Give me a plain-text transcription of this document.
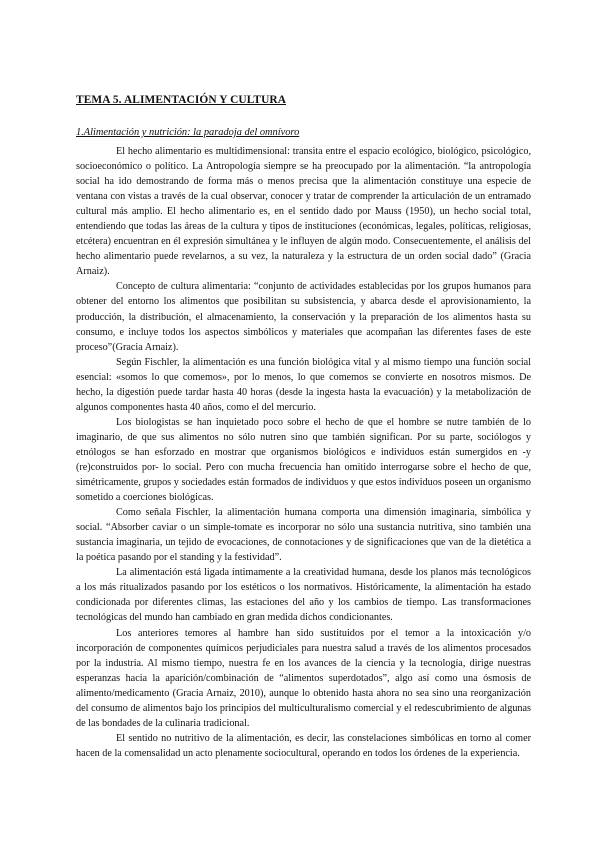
TEMA 5. ALIMENTACIÓN Y CULTURA
1.Alimentación y nutrición: la paradoja del omnívoro

El hecho alimentario es multidimensional: transita entre el espacio ecológico, biológico, psicológico, socioeconómico o político. La Antropología siempre se ha preocupado por la alimentación. “la antropología social ha ido demostrando de forma más o menos precisa que la alimentación constituye una especie de ventana con vistas a través de la cual observar, conocer y tratar de comprender la articulación de un entramado cultural más amplio. El hecho alimentario es, en el sentido dado por Mauss (1950), un hecho social total, entendiendo que todas las áreas de la cultura y tipos de instituciones (económicas, legales, políticas, religiosas, etcétera) encuentran en él expresión simultánea y le influyen de algún modo. Consecuentemente, el análisis del hecho alimentario puede revelarnos, a su vez, la naturaleza y la estructura de un orden social dado” (Gracia Arnaiz).

Concepto de cultura alimentaria: “conjunto de actividades establecidas por los grupos humanos para obtener del entorno los alimentos que posibilitan su subsistencia, y abarca desde el aprovisionamiento, la producción, la distribución, el almacenamiento, la conservación y la preparación de los alimentos hasta su consumo, e incluye todos los aspectos simbólicos y materiales que acompañan las diferentes fases de este proceso”(Gracia Arnaiz).

Según Fischler, la alimentación es una función biológica vital y al mismo tiempo una función social esencial: «somos lo que comemos», por lo menos, lo que comemos se convierte en nosotros mismos. De hecho, la digestión puede tardar hasta 40 horas (desde la ingesta hasta la evacuación) y la metabolización de algunos componentes hasta 40 años, como el del mercurio.

Los biologistas se han inquietado poco sobre el hecho de que el hombre se nutre también de lo imaginario, de que sus alimentos no sólo nutren sino que también significan. Por su parte, sociólogos y etnólogos se han esforzado en mostrar que organismos biológicos e individuos están sumergidos en -y (re)construidos por- lo social. Pero con mucha frecuencia han omitido interrogarse sobre el hecho de que, simétricamente, grupos y sociedades están formados de individuos y que estos individuos poseen un organismo sometido a coerciones biológicas.

Como señala Fischler, la alimentación humana comporta una dimensión imaginaria, simbólica y social. “Absorber caviar o un simple-tomate es incorporar no sólo una sustancia nutritiva, sino también una sustancia imaginaria, un tejido de evocaciones, de connotaciones y de significaciones que van de la dietética a la poética pasando por el standing y la festividad”.

La alimentación está ligada íntimamente a la creatividad humana, desde los planos más tecnológicos a los más ritualizados pasando por los estéticos o los normativos. Históricamente, la alimentación ha estado condicionada por diferentes climas, las estaciones del año y los cambios de tiempo. Las transformaciones tecnológicas del mundo han cambiado en gran medida dichos condicionantes.

Los anteriores temores al hambre han sido sustituidos por el temor a la intoxicación y/o incorporación de componentes químicos perjudiciales para nuestra salud a través de los alimentos procesados por la industria. Al mismo tiempo, nuestra fe en los avances de la ciencia y la tecnología, dirige nuestras esperanzas hacia la aparición/combinación de “alimentos superdotados”, algo así como una ósmosis de alimento/medicamento (Gracia Arnaiz, 2010), aunque lo obtenido hasta ahora no sea sino una reorganización del consumo de alimentos bajo los principios del multiculturalismo comercial y el redescubrimiento de algunas de las bondades de la culinaria tradicional.

El sentido no nutritivo de la alimentación, es decir, las constelaciones simbólicas en torno al comer hacen de la comensalidad un acto plenamente sociocultural, operando en todos los órdenes de la experiencia.
